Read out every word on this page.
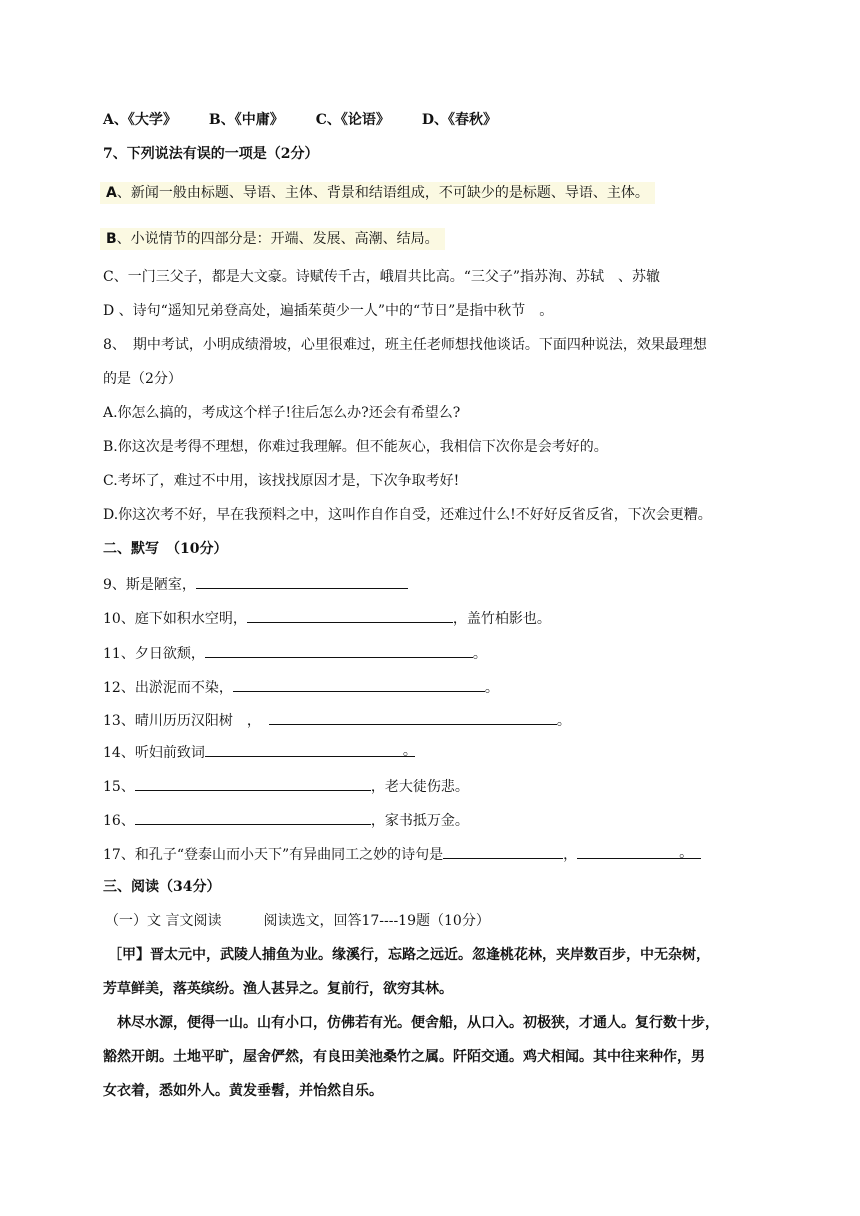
A、《大学》 B、《中庸》 C、《论语》 D、《春秋》
7、下列说法有误的一项是（2分）
A、新闻一般由标题、导语、主体、背景和结语组成，不可缺少的是标题、导语、主体。
B、小说情节的四部分是：开端、发展、高潮、结局。
C、一门三父子，都是大文豪。诗赋传千古，峨眉共比高。“三父子”指苏洵、苏轼　、苏辙
D 、诗句“遥知兄弟登高处，遍插茱萸少一人”中的“节日”是指中秋节　。
8、　期中考试，小明成绩滑坡，心里很难过，班主任老师想找他谈话。下面四种说法，效果最理想
的是（2分）
A.你怎么搞的，考成这个样子!往后怎么办?还会有希望么?
B.你这次是考得不理想，你难过我理解。但不能灰心，我相信下次你是会考好的。
C.考坏了，难过不中用，该找找原因才是，下次争取考好!
D.你这次考不好，早在我预料之中，这叫作自作自受，还难过什么!不好好反省反省，下次会更糟。
二、默写　（10分）
9、斯是陋室，
10、庭下如积水空明，	，盖竹柏影也。
11、夕日欲颓，	。
12、出淤泥而不染，	。
13、晴川历历汉阳树　，	。
14、听妇前致词	。
15、	，老大徒伤悲。
16、	，家书抵万金。
17、和孔子“登泰山而小天下”有异曲同工之妙的诗句是	，	。
三、阅读（34分）
（一）文 言文阅读　　　阅读选文，回答17----19题（10分）
［甲】晋太元中，武陵人捕鱼为业。缘溪行，忘路之远近。忽逢桃花林，夹岸数百步，中无杂树，
芳草鲜美，落英缤纷。渔人甚异之。复前行，欲穷其林。
　林尽水源，便得一山。山有小口，仿佛若有光。便舍船，从口入。初极狭，才通人。复行数十步，
豁然开朗。土地平旷，屋舍俨然，有良田美池桑竹之属。阡陌交通。鸡犬相闻。其中往来种作，男
女衣着，悉如外人。黄发垂髫，并怡然自乐。
